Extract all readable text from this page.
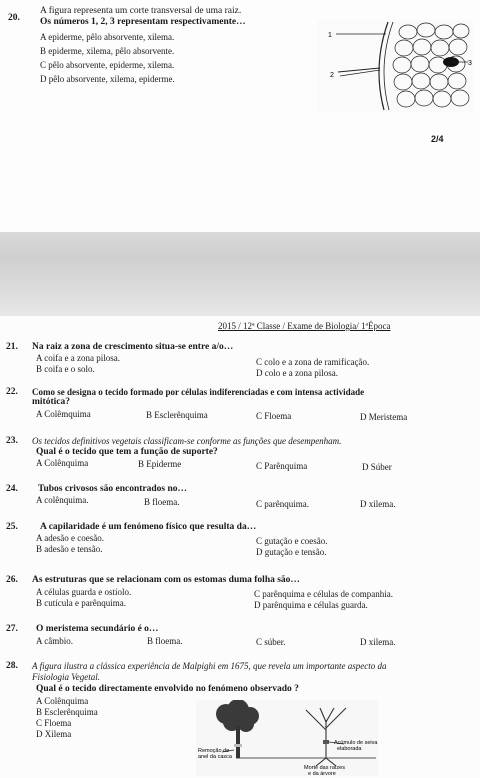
20.
A figura representa um corte transversal de uma raiz.
Os números 1, 2, 3 representam respectivamente…
A epiderme, pêlo absorvente, xilema.
B epiderme, xilema, pêlo absorvente.
C pêlo absorvente, epiderme, xilema.
D pêlo absorvente, xilema, epiderme.
1
2
3
2/4
2015 / 12ª Classe / Exame de Biologia/ 1ªÉpoca
21. Na raiz a zona de crescimento situa-se entre a/o…
A coifa e a zona pilosa.
B coifa e o solo.
C colo e a zona de ramificação.
D colo e a zona pilosa.
22. Como se designa o tecido formado por células indiferenciadas e com intensa actividade
mitótica?
A Colêmquima	B Esclerênquima	C Floema	D Meristema
23. Os tecidos definitivos vegetais classificam-se conforme as funções que desempenham.
Qual é o tecido que tem a função de suporte?
A Colênquima	B Epiderme	C Parênquima	D Súber
24. Tubos crivosos são encontrados no…
A colênquima.	B floema.	C parênquima.	D xilema.
25. A capilaridade é um fenómeno físico que resulta da…
A adesão e coesão.
B adesão e tensão.
C gutação e coesão.
D gutação e tensão.
26. As estruturas que se relacionam com os estomas duma folha são…
A células guarda e ostíolo.
B cutícula e parênquima.
C parênquima e células de companhia.
D parênquima e células guarda.
27. O meristema secundário é o…
A câmbio.	B floema.	C súber.	D xilema.
28. A figura ilustra a clássica experiência de Malpighi em 1675, que revela um importante aspecto da
Fisiologia Vegetal.
Qual é o tecido directamente envolvido no fenómeno observado ?
A Colênquima
B Esclerênquima
C Floema
D Xilema
Remoção de
anel da casca
Acúmulo de seiva
elaborada
Morte das raízes
e da árvore
